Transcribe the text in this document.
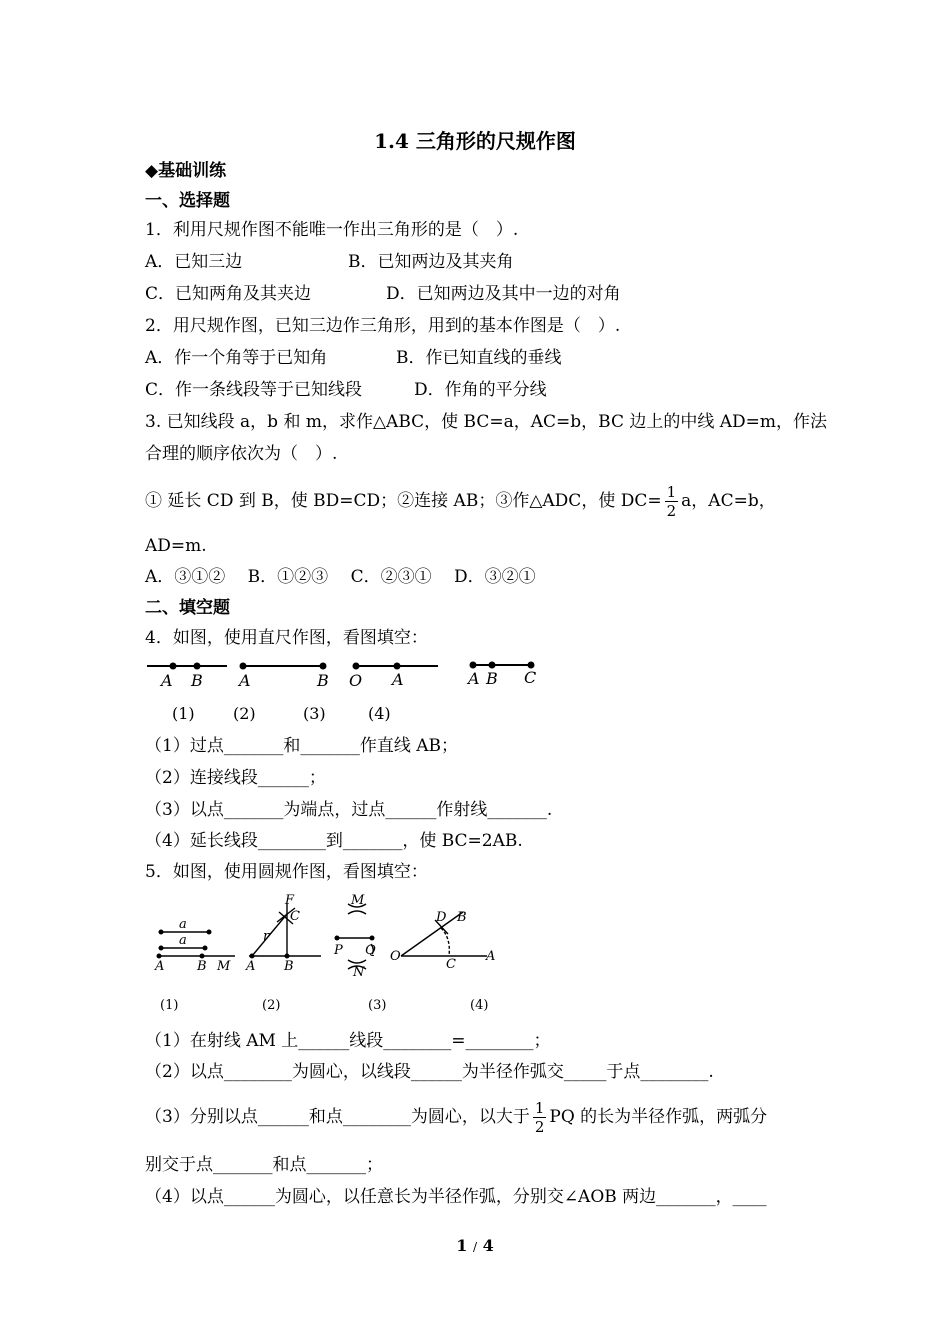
1.4 三角形的尺规作图
◆基础训练
一、选择题
1．利用尺规作图不能唯一作出三角形的是（　）.
A．已知三边	B．已知两边及其夹角
C．已知两角及其夹边	D．已知两边及其中一边的对角
2．用尺规作图，已知三边作三角形，用到的基本作图是（　）.
A．作一个角等于已知角	B．作已知直线的垂线
C．作一条线段等于已知线段	D．作角的平分线
3. 已知线段 a，b 和 m，求作△ABC，使 BC=a，AC=b，BC 边上的中线 AD=m，作法
合理的顺序依次为（　）.
① 延长 CD 到 B，使 BD=CD；②连接 AB；③作△ADC，使 $DC= \frac{1}{2}$ a，AC=b，
AD=m.
A．③①②　 B．①②③　 C．②③①　 D．③②①
二、填空题
4．如图，使用直尺作图，看图填空：
A B A	B O A	A B C
(1) (2)	(3)	(4)
（1）过点_______和_______作直线 AB；
（2）连接线段______；
（3）以点_______为端点，过点______作射线_______.
（4）延长线段________到_______，使 BC=2AB.
5．如图，使用圆规作图，看图填空：
a
a
A	B M
F
C
r
A B
M
P Q
N
O
D B
C
A
(1)	(2)	(3)	(4)
（1）在射线 AM 上______线段________=________；
（2）以点________为圆心，以线段______为半径作弧交_____于点________.
（3）分别以点______和点________为圆心，以大于 $\frac{1}{2}$ PQ 的长为半径作弧，两弧分
别交于点_______和点_______；
（4）以点______为圆心，以任意长为半径作弧，分别交∠AOB 两边_______，____
1 / 4
